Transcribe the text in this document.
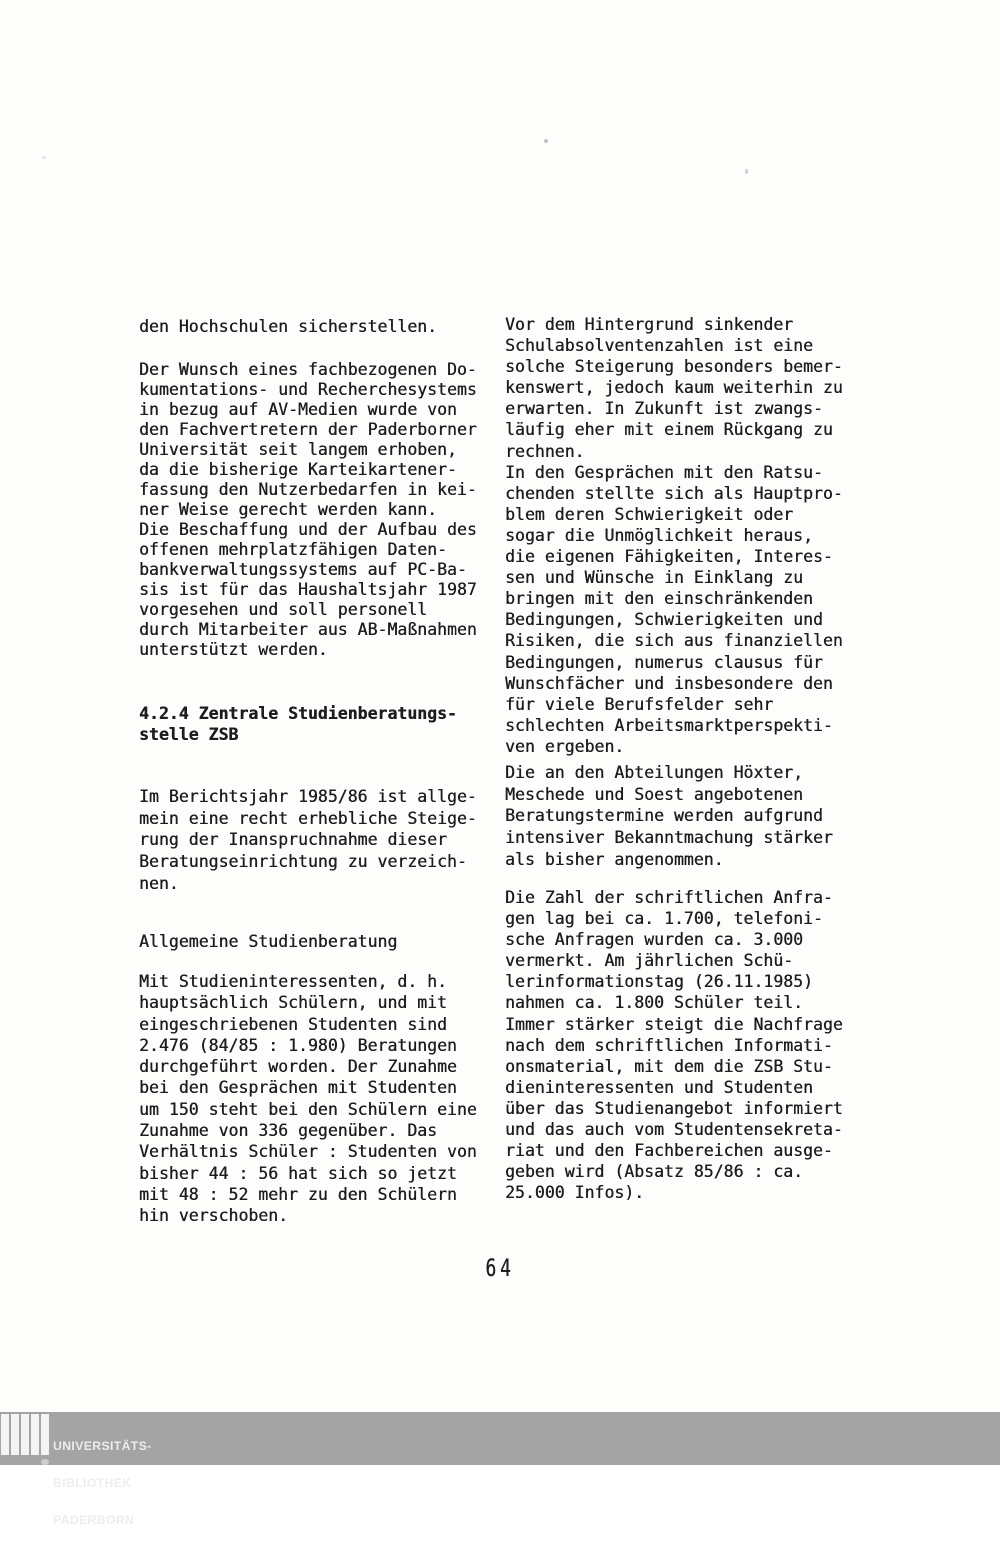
den Hochschulen sicherstellen.
Der Wunsch eines fachbezogenen Do-
kumentations- und Recherchesystems
in bezug auf AV-Medien wurde von
den Fachvertretern der Paderborner
Universität seit langem erhoben,
da die bisherige Karteikartener-
fassung den Nutzerbedarfen in kei-
ner Weise gerecht werden kann.
Die Beschaffung und der Aufbau des
offenen mehrplatzfähigen Daten-
bankverwaltungssystems auf PC-Ba-
sis ist für das Haushaltsjahr 1987
vorgesehen und soll personell
durch Mitarbeiter aus AB-Maßnahmen
unterstützt werden.
4.2.4 Zentrale Studienberatungs-
stelle ZSB
Im Berichtsjahr 1985/86 ist allge-
mein eine recht erhebliche Steige-
rung der Inanspruchnahme dieser
Beratungseinrichtung zu verzeich-
nen.
Allgemeine Studienberatung
Mit Studieninteressenten, d. h.
hauptsächlich Schülern, und mit
eingeschriebenen Studenten sind
2.476 (84/85 : 1.980) Beratungen
durchgeführt worden. Der Zunahme
bei den Gesprächen mit Studenten
um 150 steht bei den Schülern eine
Zunahme von 336 gegenüber. Das
Verhältnis Schüler : Studenten von
bisher 44 : 56 hat sich so jetzt
mit 48 : 52 mehr zu den Schülern
hin verschoben.
Vor dem Hintergrund sinkender
Schulabsolventenzahlen ist eine
solche Steigerung besonders bemer-
kenswert, jedoch kaum weiterhin zu
erwarten. In Zukunft ist zwangs-
läufig eher mit einem Rückgang zu
rechnen.
In den Gesprächen mit den Ratsu-
chenden stellte sich als Hauptpro-
blem deren Schwierigkeit oder
sogar die Unmöglichkeit heraus,
die eigenen Fähigkeiten, Interes-
sen und Wünsche in Einklang zu
bringen mit den einschränkenden
Bedingungen, Schwierigkeiten und
Risiken, die sich aus finanziellen
Bedingungen, numerus clausus für
Wunschfächer und insbesondere den
für viele Berufsfelder sehr
schlechten Arbeitsmarktperspekti-
ven ergeben.
Die an den Abteilungen Höxter,
Meschede und Soest angebotenen
Beratungstermine werden aufgrund
intensiver Bekanntmachung stärker
als bisher angenommen.
Die Zahl der schriftlichen Anfra-
gen lag bei ca. 1.700, telefoni-
sche Anfragen wurden ca. 3.000
vermerkt. Am jährlichen Schü-
lerinformationstag (26.11.1985)
nahmen ca. 1.800 Schüler teil.
Immer stärker steigt die Nachfrage
nach dem schriftlichen Informati-
onsmaterial, mit dem die ZSB Stu-
dieninteressenten und Studenten
über das Studienangebot informiert
und das auch vom Studentensekreta-
riat und den Fachbereichen ausge-
geben wird (Absatz 85/86 : ca.
25.000 Infos).
64

UNIVERSITÄTS-

BIBLIOTHEK

PADERBORN
